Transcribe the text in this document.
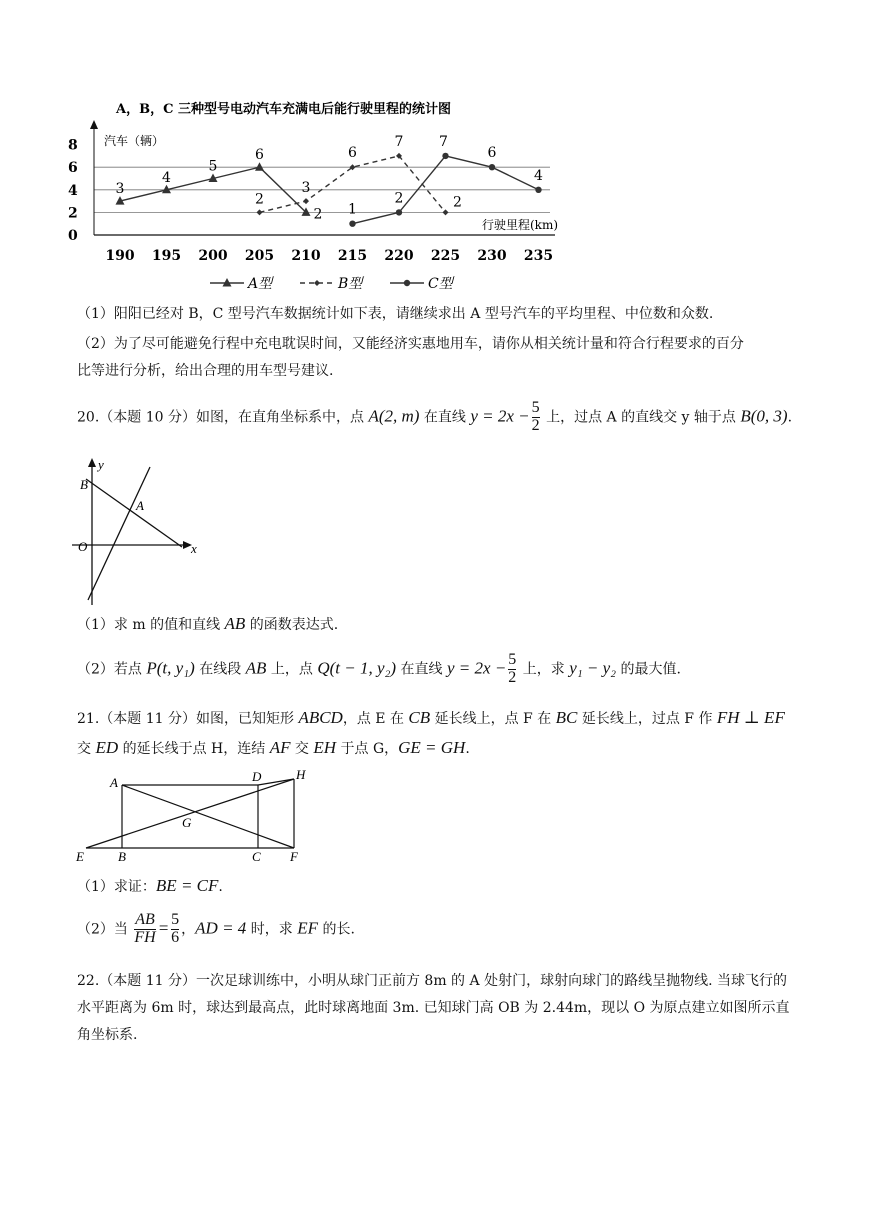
A，B，C 三种型号电动汽车充满电后能行驶里程的统计图
汽车（辆）
行驶里程(km)
0
2
4
6
8
190 195 200 205 210 215 220 225 230 235
3
4
5
6
2
2
3
6
7
2
1
2
7
6
4
A型	B型	C型
（1）阳阳已经对 B，C 型号汽车数据统计如下表，请继续求出 A 型号汽车的平均里程、中位数和众数.
（2）为了尽可能避免行程中充电耽误时间，又能经济实惠地用车，请你从相关统计量和符合行程要求的百分
比等进行分析，给出合理的用车型号建议.
20.（本题 10 分）如图，在直角坐标系中，点 A(2, m) 在直线 $y = 2x - \frac{5}{2}$ 上，过点 A 的直线交 y 轴于点 B(0, 3).
y
x
B
A
O
（1）求 m 的值和直线 AB 的函数表达式.
（2）若点 P(t, y₁) 在线段 AB 上，点 Q(t − 1, y₂) 在直线 $y = 2x - \frac{5}{2}$ 上，求 y₁ − y₂ 的最大值.
21.（本题 11 分）如图，已知矩形 ABCD，点 E 在 CB 延长线上，点 F 在 BC 延长线上，过点 F 作 FH ⊥ EF
交 ED 的延长线于点 H，连结 AF 交 EH 于点 G，GE = GH.
A	D	H
G
E	B	C F
（1）求证：BE = CF.
（2）当 $\frac{AB}{FH} = \frac{5}{6}$ ，AD = 4 时，求 EF 的长.
22.（本题 11 分）一次足球训练中，小明从球门正前方 8m 的 A 处射门，球射向球门的路线呈抛物线. 当球飞行的水平距离为 6m 时，球达到最高点，此时球离地面 3m. 已知球门高 OB 为 2.44m，现以 O 为原点建立如图所示直角坐标系.
